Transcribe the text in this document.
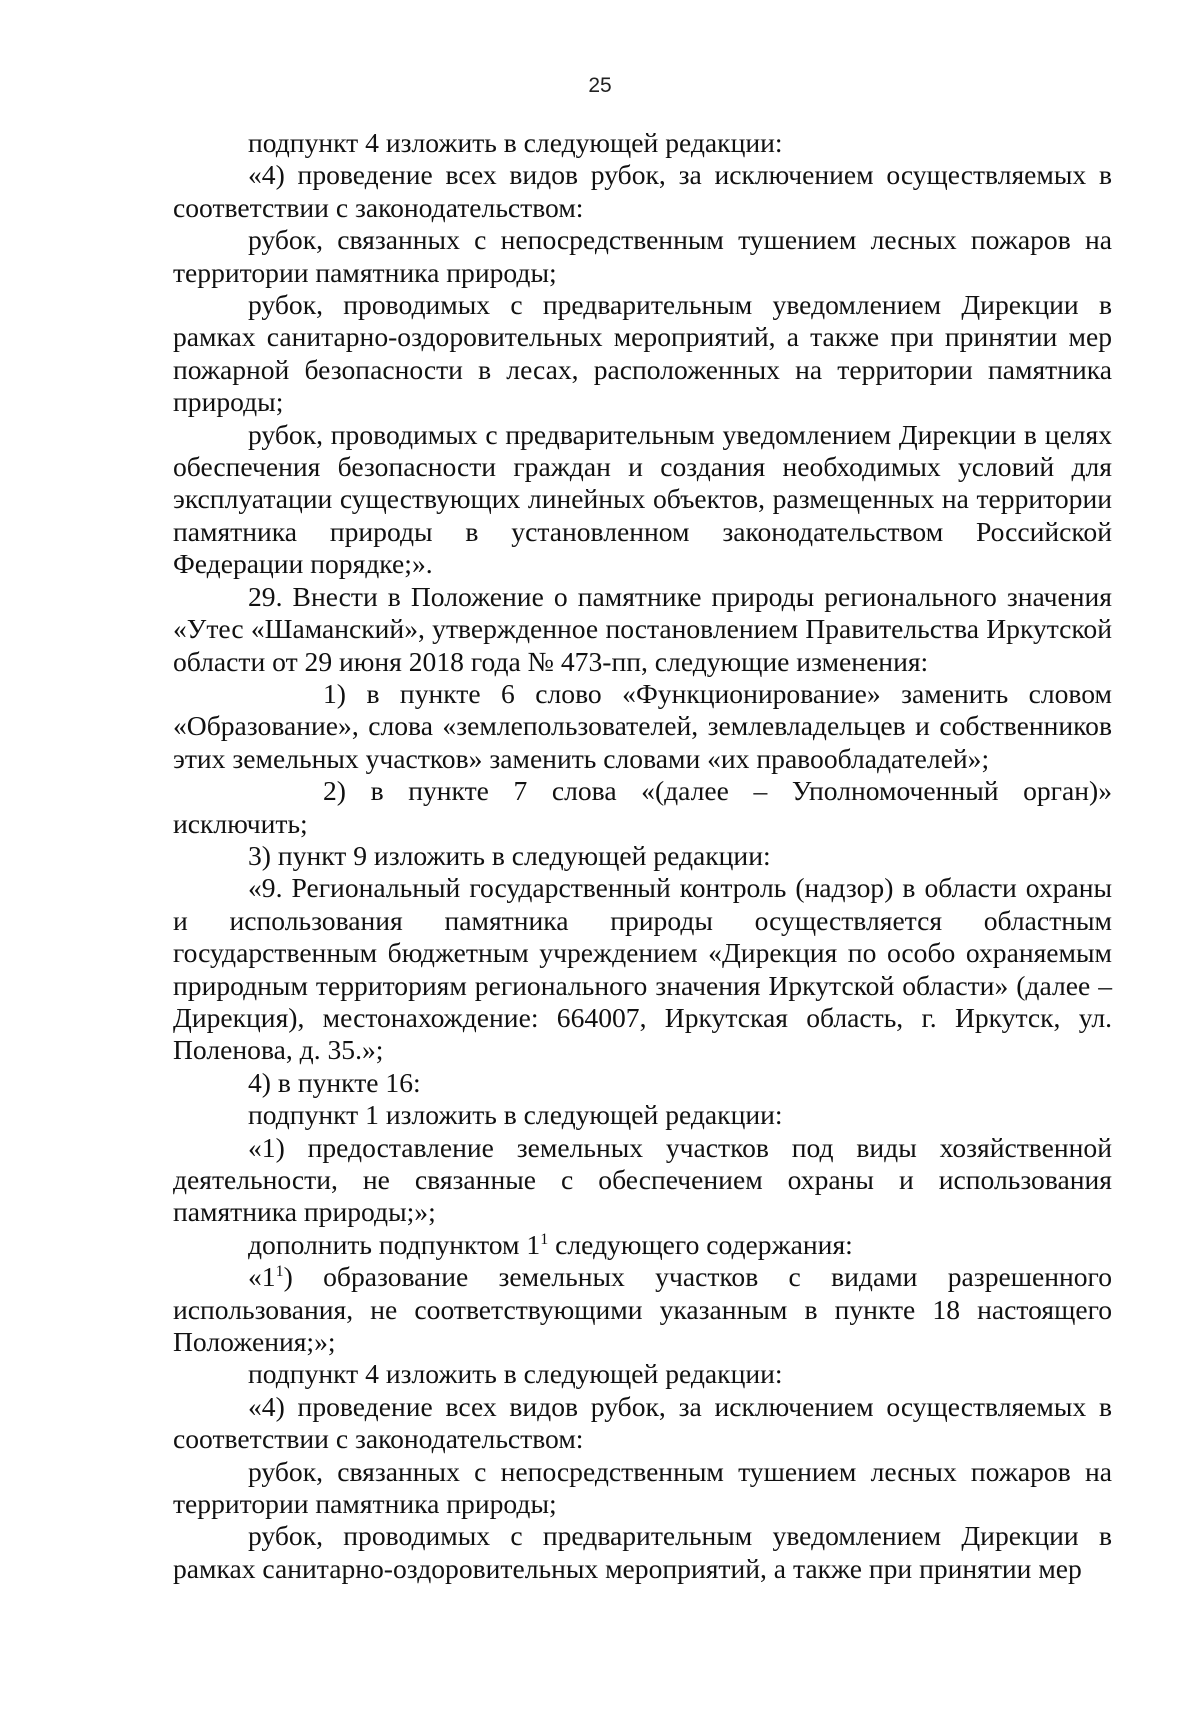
25

подпункт 4 изложить в следующей редакции:

«4) проведение всех видов рубок, за исключением осуществляемых в соответствии с законодательством:

рубок, связанных с непосредственным тушением лесных пожаров на территории памятника природы;

рубок, проводимых с предварительным уведомлением Дирекции в рамках санитарно-оздоровительных мероприятий, а также при принятии мер пожарной безопасности в лесах, расположенных на территории памятника природы;

рубок, проводимых с предварительным уведомлением Дирекции в целях обеспечения безопасности граждан и создания необходимых условий для эксплуатации существующих линейных объектов, размещенных на территории памятника природы в установленном законодательством Российской Федерации порядке;».

29. Внести в Положение о памятнике природы регионального значения «Утес «Шаманский», утвержденное постановлением Правительства Иркутской области от 29 июня 2018 года № 473-пп, следующие изменения:

1) в пункте 6 слово «Функционирование» заменить словом «Образование», слова «землепользователей, землевладельцев и собственников этих земельных участков» заменить словами «их правообладателей»;

2) в пункте 7 слова «(далее – Уполномоченный орган)» исключить;

3) пункт 9 изложить в следующей редакции:

«9. Региональный государственный контроль (надзор) в области охраны и использования памятника природы осуществляется областным государственным бюджетным учреждением «Дирекция по особо охраняемым природным территориям регионального значения Иркутской области» (далее – Дирекция), местонахождение: 664007, Иркутская область, г. Иркутск, ул. Поленова, д. 35.»;

4) в пункте 16:

подпункт 1 изложить в следующей редакции:

«1) предоставление земельных участков под виды хозяйственной деятельности, не связанные с обеспечением охраны и использования памятника природы;»;

дополнить подпунктом $1^1$ следующего содержания:

«$1^1$) образование земельных участков с видами разрешенного использования, не соответствующими указанным в пункте 18 настоящего Положения;»;

подпункт 4 изложить в следующей редакции:

«4) проведение всех видов рубок, за исключением осуществляемых в соответствии с законодательством:

рубок, связанных с непосредственным тушением лесных пожаров на территории памятника природы;

рубок, проводимых с предварительным уведомлением Дирекции в рамках санитарно-оздоровительных мероприятий, а также при принятии мер
